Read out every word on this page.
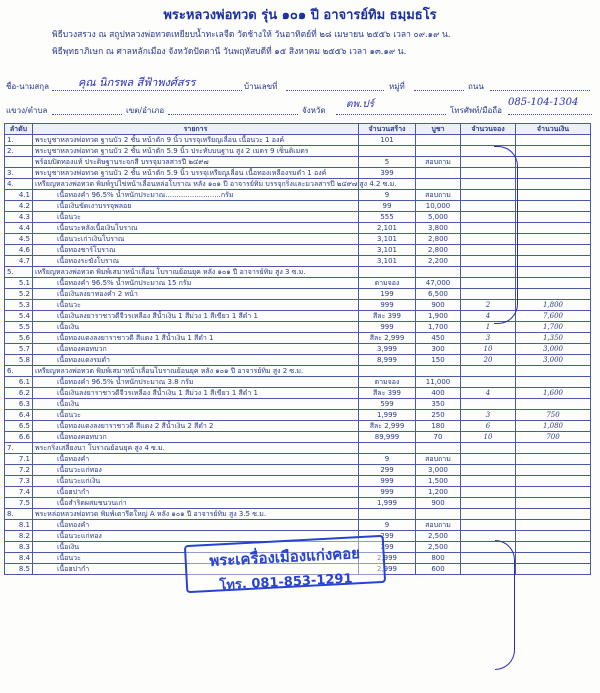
พระหลวงพ่อทวด รุ่น ๑๐๑ ปี อาจารย์ทิม ธมฺมธโร
พิธีบวงสรวง ณ สถูปหลวงพ่อทวดเหยียบน้ำทะเลจืด วัดช้างให้ วันอาทิตย์ที่ ๒๘ เมษายน ๒๕๕๖ เวลา ๐๙.๑๙ น.
พิธีพุทธาภิเษก ณ ศาลหลักเมือง จังหวัดปัตตานี วันพฤหัสบดีที่ ๑๕ สิงหาคม ๒๕๕๖ เวลา ๑๓.๑๙ น.
ชื่อ-นามสกุล	คุณ นิกรพล สีฟ้าพงศ์สรร	บ้านเลขที่	หมู่ที่	ถนน
แขวง/ตำบล	เขต/อำเภอ	จังหวัด
ตพ.ปร์
โทรศัพท์/มือถือ
085-104-1304
ลำดับ	รายการ	จำนวนสร้าง	บูชา	จำนวนจอง	จำนวนเงิน
1.	พระบูชาหลวงพ่อทวด ฐานบัว 2 ชั้น หน้าตัก 9 นิ้ว บรรจุเหรียญเลื่อน เนื้อนวะ 1 องค์	101			
2.	พระบูชาหลวงพ่อทวด ฐานบัว 2 ชั้น หน้าตัก 5.9 นิ้ว ประทับบนฐาน สูง 2 เมตร 9 เซ็นติเมตร				
	พร้อมปิดทองแท้ ประดิษฐานระจกสี บรรจุมวลสารปี ๒๔๙๗	5	สอบถาม		
3.	พระบูชาหลวงพ่อทวด ฐานบัว 2 ชั้น หน้าตัก 5.9 นิ้ว บรรจุเหรียญเลื่อน เนื้อทองเหลืองรมดำ 1 องค์	399			
4.	เหรียญหลวงพ่อทวด พิมพ์รูปไข่หน้าเลื่อนหล่อโบราณ หลัง ๑๐๑ ปี อาจารย์ทิม บรรจุกริ่งและมวลสารปี ๒๔๙๗ สูง 4.2 ซ.ม.				
4.1	เนื้อทองคำ 96.5% น้ำหนักประมาณ.........................กรัม	9	สอบถาม		
4.2	เนื้อเงินขัดเงาบรรจุพลอย	99	10,000		
4.3	เนื้อนวะ	555	5,000		
4.4	เนื้อนวะหลังเนื้อเงินโบราณ	2,101	3,800		
4.5	เนื้อนวะเก่าเงินโบราณ	3,101	2,800		
4.6	เนื้อทองชาร์โบราณ	3,101	2,800		
4.7	เนื้อทองระฆังโบราณ	3,101	2,200		
5.	เหรียญหลวงพ่อทวด พิมพ์เสมาหน้าเลื่อน โบราณย้อนยุค หลัง ๑๐๑ ปี อาจารย์ทิม สูง 3 ซ.ม.				
5.1	เนื้อทองคำ 96.5% น้ำหนักประมาณ 15 กรัม	ตามจอง	47,000		
5.2	เนื้อเงินลงยาทองคำ 2 หน้า	199	6,500		
5.3	เนื้อนวะ	999	900	2	1,800
5.4	เนื้อเงินลงยาราชาวดีจีวรเหลือง สีน้ำเงิน 1 สีม่วง 1 สีเขียว 1 สีดำ 1	สีละ 399	1,900	4	7,600
5.5	เนื้อเงิน	999	1,700	1	1,700
5.6	เนื้อทองแดงลงยาราชาวดี สีแดง 1 สีน้ำเงิน 1 สีดำ 1	สีละ 2,999	450	3	1,350
5.7	เนื้อทองคอทบวก	3,999	300	10	3,000
5.8	เนื้อทองแดงรมดำ	8,999	150	20	3,000
6.	เหรียญหลวงพ่อทวด พิมพ์เสมาหน้าเลื่อนโบราณย้อนยุค หลัง ๑๐๑ ปี อาจารย์ทิม สูง 2 ซ.ม.				
6.1	เนื้อทองคำ 96.5% น้ำหนักประมาณ 3.8 กรัม	ตามจอง	11,000		
6.2	เนื้อเงินลงยาราชาวดีจีวรเหลือง สีน้ำเงิน 1 สีม่วง 1 สีเขียว 1 สีดำ 1	สีละ 399	400	4	1,600
6.3	เนื้อเงิน	599	350		
6.4	เนื้อนวะ	1,999	250	3	750
6.5	เนื้อทองแดงลงยาราชาวดี สีแดง 2 สีน้ำเงิน 2 สีดำ 2	สีละ 2,999	180	6	1,080
6.6	เนื้อทองคอทบวก	89,999	70	10	700
7.	พระกริ่งเสลี่ยงนา โบราณย้อนยุค สูง 4 ซ.ม.				
7.1	เนื้อทองคำ	9	สอบถาม		
7.2	เนื้อนวะแก่ทอง	299	3,000		
7.3	เนื้อนวะแก่เงิน	999	1,500		
7.4	เนื้อฮปากำ	999	1,200		
7.5	เนื้อสำริดผสมชนวนเก่า	1,999	900		
8.	พระหล่อหลวงพ่อทวด พิมพ์เตารีดใหญ่ A หลัง ๑๐๑ ปี อาจารย์ทิม สูง 3.5 ซ.ม.				
8.1	เนื้อทองคำ	9	สอบถาม		
8.2	เนื้อนวะแก่ทอง	299	2,500		
8.3	เนื้อเงิน	299	2,500		
8.4	เนื้อนวะ	2,999	800		
8.5	เนื้อฮปากำ	2,999	600		
พระเครื่องเมืองแก่งคอย
โทร. 081-853-1291
